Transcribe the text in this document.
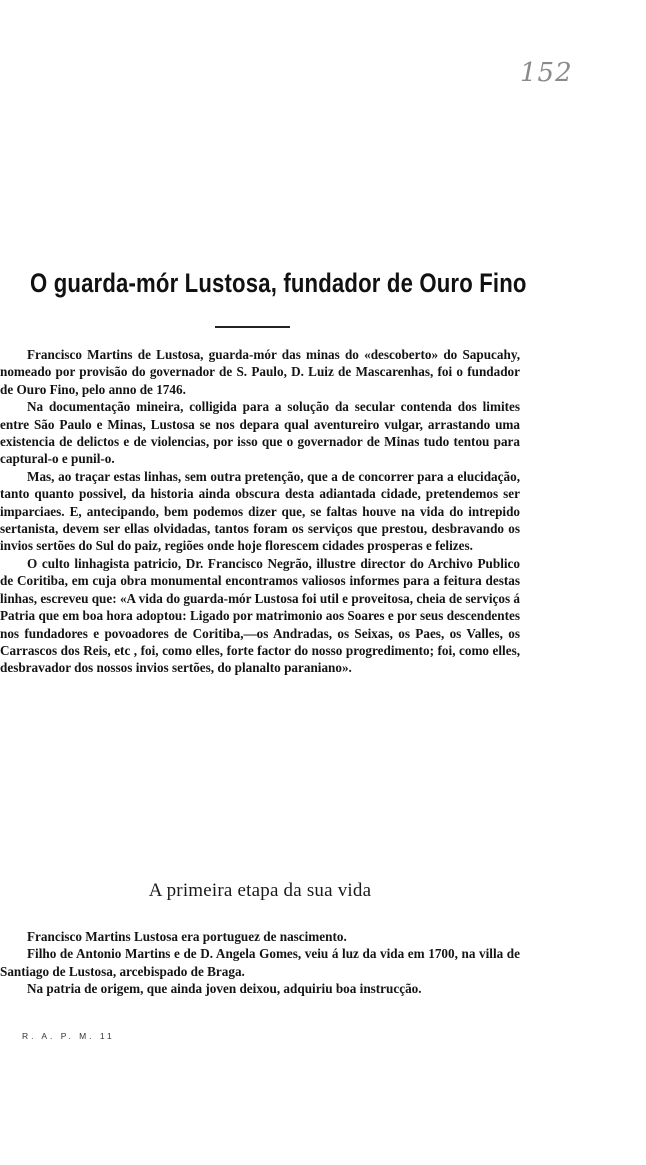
152
O guarda-mór Lustosa, fundador de Ouro Fino

Francisco Martins de Lustosa, guarda-mór das minas do «descoberto» do Sapucahy, nomeado por provisão do governador de S. Paulo, D. Luiz de Mascarenhas, foi o fundador de Ouro Fino, pelo anno de 1746.

Na documentação mineira, colligida para a solução da secular contenda dos limites entre São Paulo e Minas, Lustosa se nos depara qual aventureiro vulgar, arrastando uma existencia de delictos e de violencias, por isso que o governador de Minas tudo tentou para captural-o e punil-o.

Mas, ao traçar estas linhas, sem outra pretenção, que a de concorrer para a elucidação, tanto quanto possivel, da historia ainda obscura desta adiantada cidade, pretendemos ser imparciaes. E, antecipando, bem podemos dizer que, se faltas houve na vida do intrepido sertanista, devem ser ellas olvidadas, tantos foram os serviços que prestou, desbravando os invios sertões do Sul do paiz, regiões onde hoje florescem cidades prosperas e felizes.

O culto linhagista patricio, Dr. Francisco Negrão, illustre director do Archivo Publico de Coritiba, em cuja obra monumental encontramos valiosos informes para a feitura destas linhas, escreveu que: «A vida do guarda-mór Lustosa foi util e proveitosa, cheia de serviços á Patria que em boa hora adoptou: Ligado por matrimonio aos Soares e por seus descendentes nos fundadores e povoadores de Coritiba,—os Andradas, os Seixas, os Paes, os Valles, os Carrascos dos Reis, etc , foi, como elles, forte factor do nosso progredimento; foi, como elles, desbravador dos nossos invios sertões, do planalto paraniano».

A primeira etapa da sua vida

Francisco Martins Lustosa era portuguez de nascimento.

Filho de Antonio Martins e de D. Angela Gomes, veiu á luz da vida em 1700, na villa de Santiago de Lustosa, arcebispado de Braga.

Na patria de origem, que ainda joven deixou, adquiriu boa instrucção.

R. A. P. M. 11
